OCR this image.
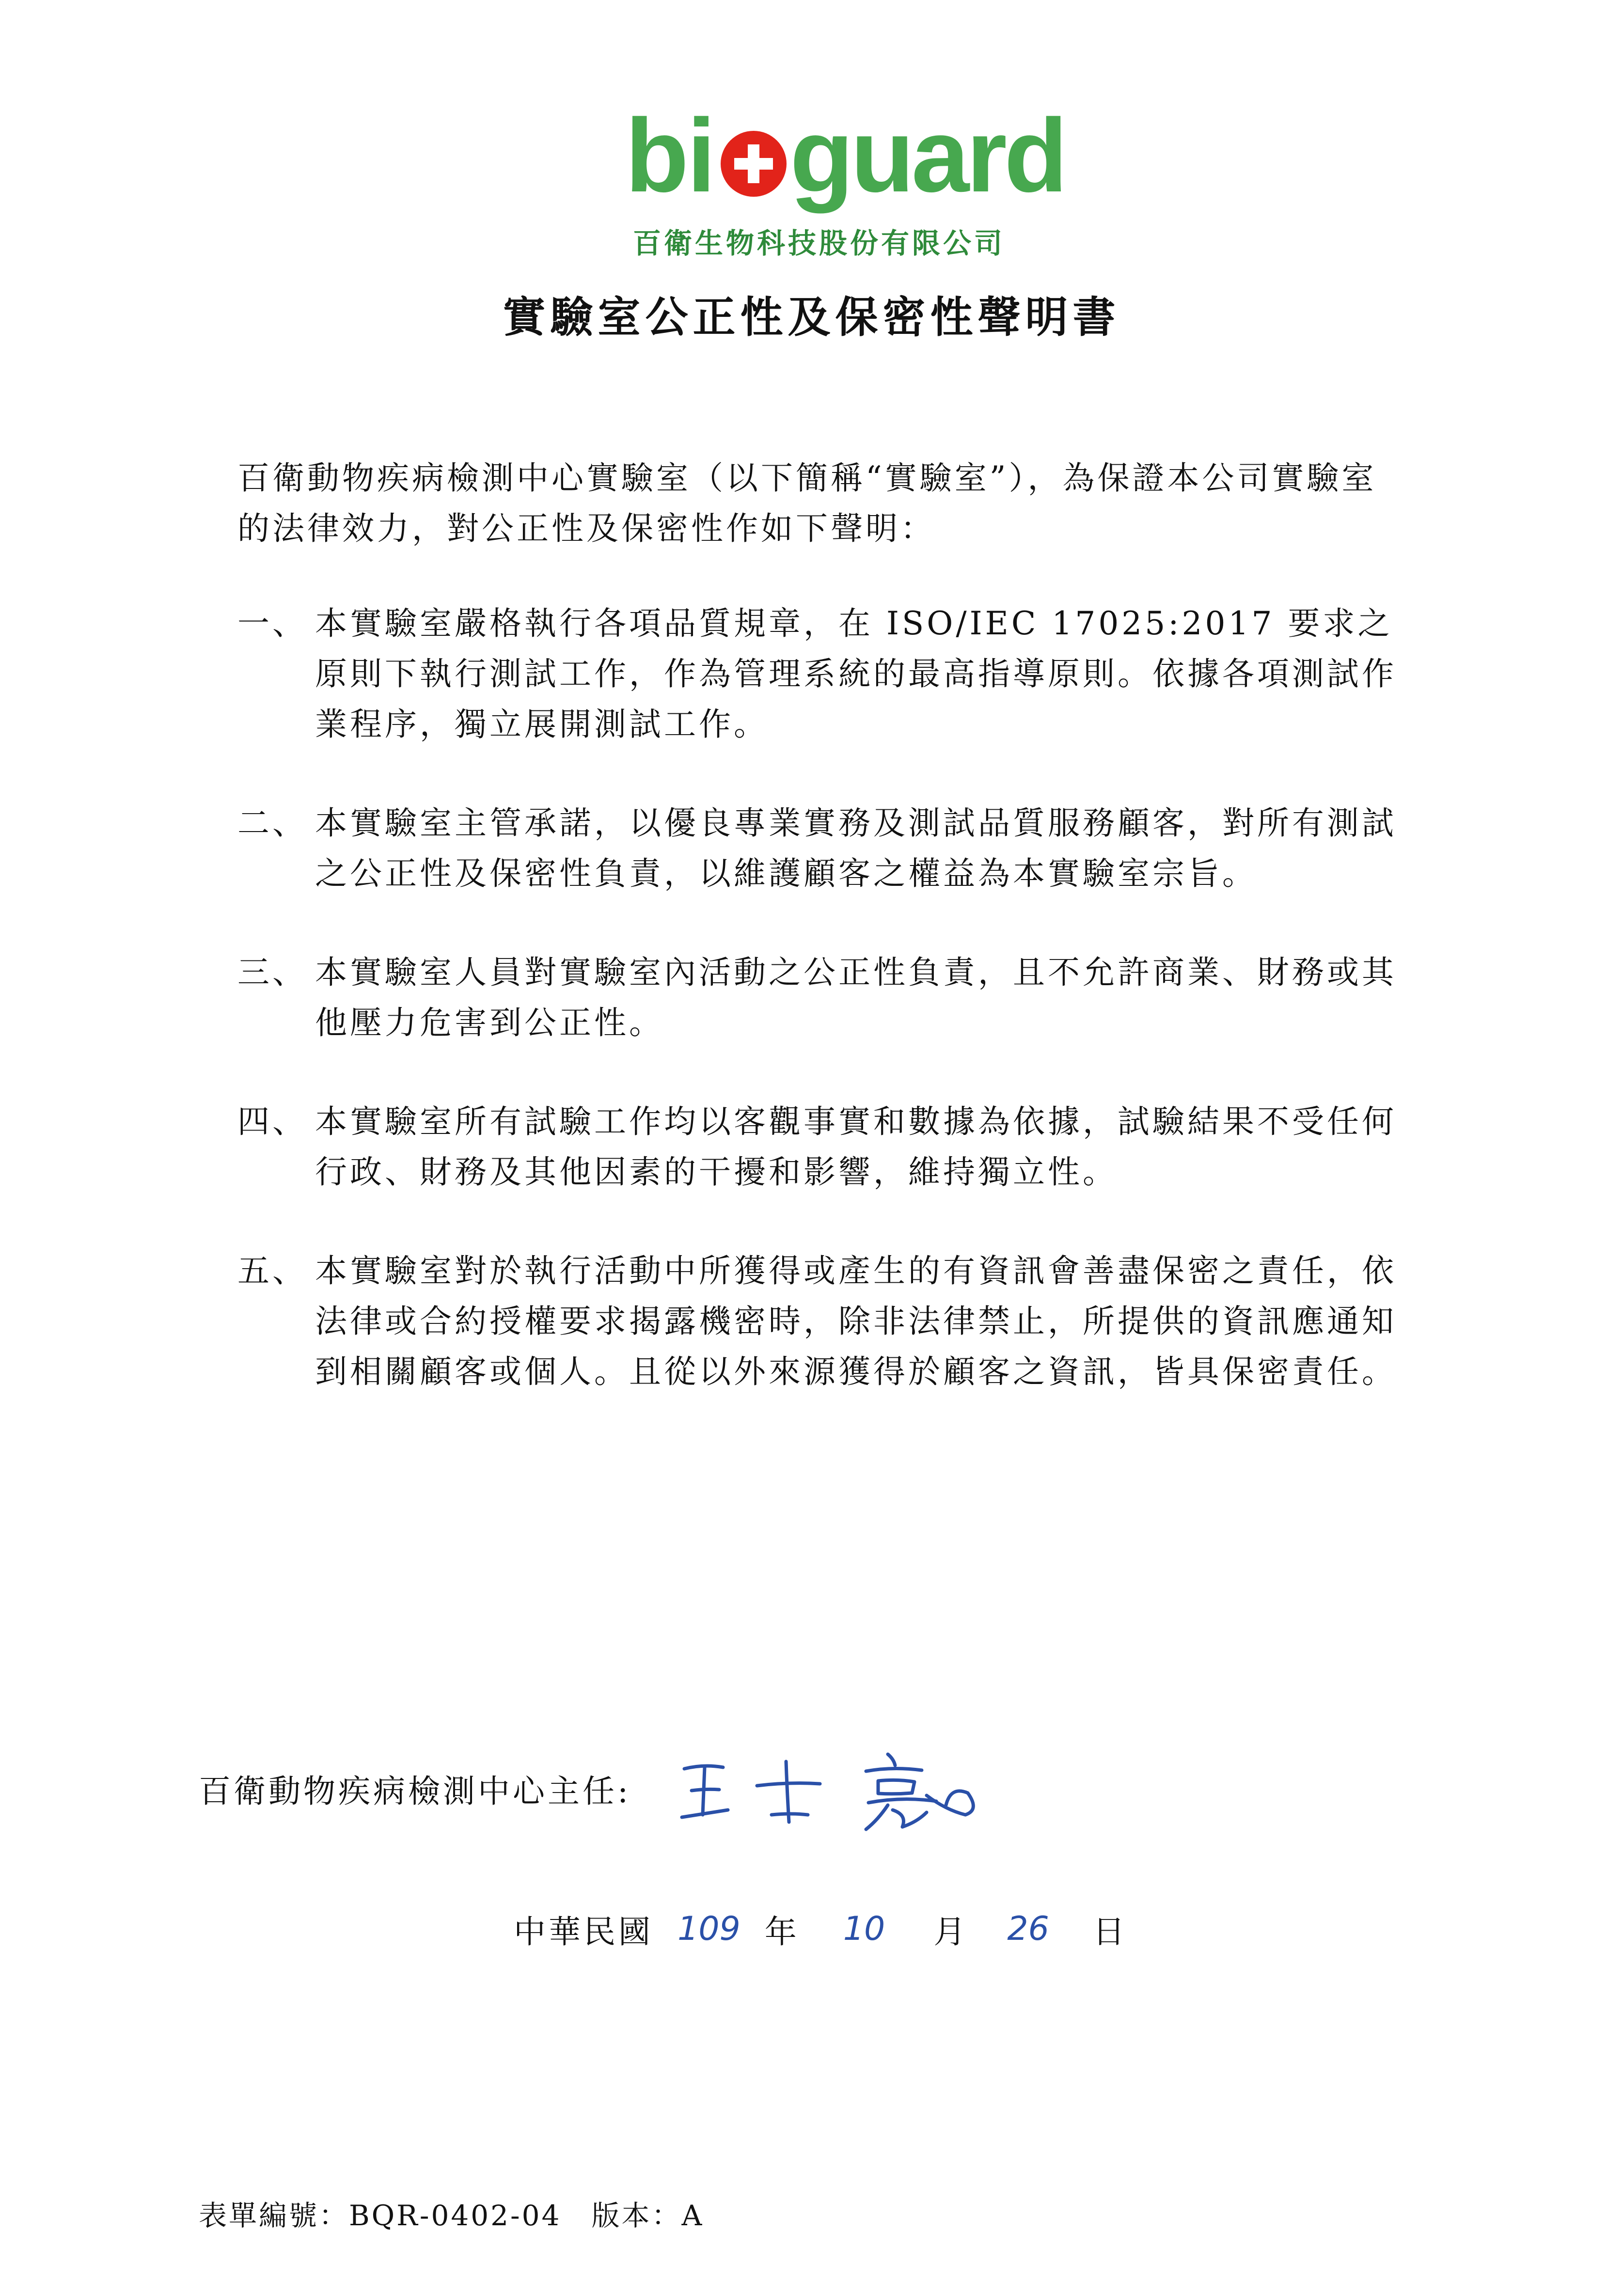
bi guard
百衛生物科技股份有限公司
實驗室公正性及保密性聲明書
百衛動物疾病檢測中心實驗室（以下簡稱“實驗室”），為保證本公司實驗室的法律效力，對公正性及保密性作如下聲明：
一、 本實驗室嚴格執行各項品質規章，在 ISO/IEC 17025:2017 要求之原則下執行測試工作，作為管理系統的最高指導原則。依據各項測試作業程序，獨立展開測試工作。
二、 本實驗室主管承諾，以優良專業實務及測試品質服務顧客，對所有測試之公正性及保密性負責，以維護顧客之權益為本實驗室宗旨。
三、 本實驗室人員對實驗室內活動之公正性負責，且不允許商業、財務或其他壓力危害到公正性。
四、 本實驗室所有試驗工作均以客觀事實和數據為依據，試驗結果不受任何行政、財務及其他因素的干擾和影響，維持獨立性。
五、 本實驗室對於執行活動中所獲得或產生的有資訊會善盡保密之責任，依法律或合約授權要求揭露機密時，除非法律禁止，所提供的資訊應通知到相關顧客或個人。且從以外來源獲得於顧客之資訊，皆具保密責任。
百衛動物疾病檢測中心主任:
中華民國 109 年 10 月 26 日
表單編號：BQR-0402-04　版本：A
